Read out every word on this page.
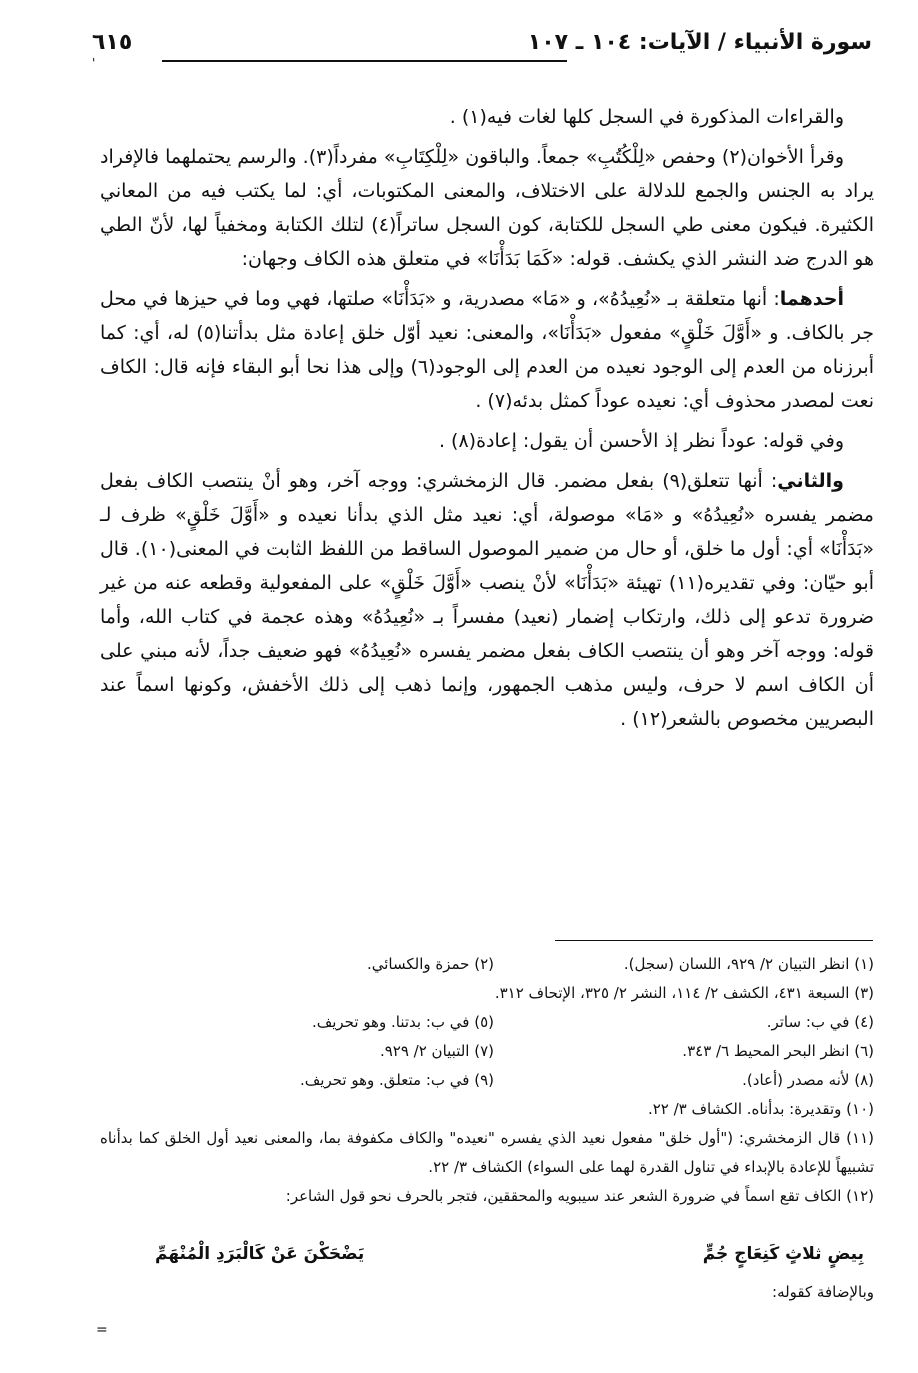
سورة الأنبياء / الآيات: ١٠٤ ـ ١٠٧
٦١٥
'

والقراءات المذكورة في السجل كلها لغات فيه(١) .

وقرأ الأخوان(٢) وحفص «لِلْكُتُبِ» جمعاً. والباقون «لِلْكِتَابِ» مفرداً(٣). والرسم يحتملهما فالإفراد يراد به الجنس والجمع للدلالة على الاختلاف، والمعنى المكتوبات، أي: لما يكتب فيه من المعاني الكثيرة. فيكون معنى طي السجل للكتابة، كون السجل ساتراً(٤) لتلك الكتابة ومخفياً لها، لأنّ الطي هو الدرج ضد النشر الذي يكشف. قوله: «كَمَا بَدَأْنَا» في متعلق هذه الكاف وجهان:

أحدهما: أنها متعلقة بـ «نُعِيدُهُ»، و «مَا» مصدرية، و «بَدَأْنَا» صلتها، فهي وما في حيزها في محل جر بالكاف. و «أَوَّلَ خَلْقٍ» مفعول «بَدَأْنَا»، والمعنى: نعيد أوّل خلق إعادة مثل بدأتنا(٥) له، أي: كما أبرزناه من العدم إلى الوجود نعيده من العدم إلى الوجود(٦) وإلى هذا نحا أبو البقاء فإنه قال: الكاف نعت لمصدر محذوف أي: نعيده عوداً كمثل بدئه(٧) .

وفي قوله: عوداً نظر إذ الأحسن أن يقول: إعادة(٨) .

والثاني: أنها تتعلق(٩) بفعل مضمر. قال الزمخشري: ووجه آخر، وهو أنْ ينتصب الكاف بفعل مضمر يفسره «نُعِيدُهُ» و «مَا» موصولة، أي: نعيد مثل الذي بدأنا نعيده و «أَوَّلَ خَلْقٍ» ظرف لـ «بَدَأْنَا» أي: أول ما خلق، أو حال من ضمير الموصول الساقط من اللفظ الثابت في المعنى(١٠). قال أبو حيّان: وفي تقديره(١١) تهيئة «بَدَأْنَا» لأنْ ينصب «أَوَّلَ خَلْقٍ» على المفعولية وقطعه عنه من غير ضرورة تدعو إلى ذلك، وارتكاب إضمار (نعيد) مفسراً بـ «نُعِيدُهُ» وهذه عجمة في كتاب الله، وأما قوله: ووجه آخر وهو أن ينتصب الكاف بفعل مضمر يفسره «نُعِيدُهُ» فهو ضعيف جداً، لأنه مبني على أن الكاف اسم لا حرف، وليس مذهب الجمهور، وإنما ذهب إلى ذلك الأخفش، وكونها اسماً عند البصريين مخصوص بالشعر(١٢) .

(١) انظر التبيان ٢/ ٩٢٩، اللسان (سجل).
(٢) حمزة والكسائي.
(٣) السبعة ٤٣١، الكشف ٢/ ١١٤، النشر ٢/ ٣٢٥، الإتحاف ٣١٢.
(٤) في ب: ساتر.
(٥) في ب: بدتنا. وهو تحريف.
(٦) انظر البحر المحيط ٦/ ٣٤٣.
(٧) التبيان ٢/ ٩٢٩.
(٨) لأنه مصدر (أعاد).
(٩) في ب: متعلق. وهو تحريف.
(١٠) وتقديرة: بدأناه. الكشاف ٣/ ٢٢.
(١١) قال الزمخشري: ("أول خلق" مفعول نعيد الذي يفسره "نعيده" والكاف مكفوفة بما، والمعنى نعيد أول الخلق كما بدأناه تشبيهاً للإعادة بالإبداء في تناول القدرة لهما على السواء) الكشاف ٣/ ٢٢.
(١٢) الكاف تقع اسماً في ضرورة الشعر عند سيبويه والمحققين، فتجر بالحرف نحو قول الشاعر:
بِيضٍ ثلاثٍ كَنِعَاجٍ جُمٍّ
يَضْحَكْنَ عَنْ كَالْبَرَدِ الْمُنْهَمِّ
وبالإضافة كقوله:
=
